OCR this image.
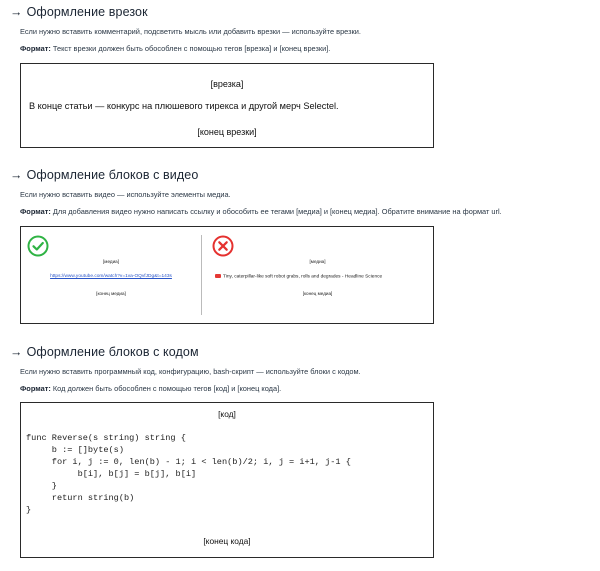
→ Оформление врезок

Если нужно вставить комментарий, подсветить мысль или добавить врезки — используйте врезки.

Формат: Текст врезки должен быть обособлен с помощью тегов [врезка] и [конец врезки].

[врезка]
В конце статьи — конкурс на плюшевого тирекса и другой мерч Selectel.
[конец врезки]
→ Оформление блоков с видео

Если нужно вставить видео — используйте элементы медиа.

Формат: Для добавления видео нужно написать ссылку и обособить ее тегами [медиа] и [конец медиа]. Обратите внимание на формат url.

[медиа]
https://www.youtube.com/watch?v=1va-OQvfJDg&t=143s
[конец медиа]
[медиа]
Tiny, caterpillar-like soft robot grabs, rolls and degrades - Headline Science
[конец медиа]
→ Оформление блоков с кодом

Если нужно вставить программный код, конфигурацию, bash-скрипт — используйте блоки с кодом.

Формат: Код должен быть обособлен с помощью тегов [код] и [конец кода].

[код]
func Reverse(s string) string {
b := []byte(s)
for i, j := 0, len(b) - 1; i < len(b)/2; i, j = i+1, j-1 {
b[i], b[j] = b[j], b[i]
}
return string(b)
}
[конец кода]
